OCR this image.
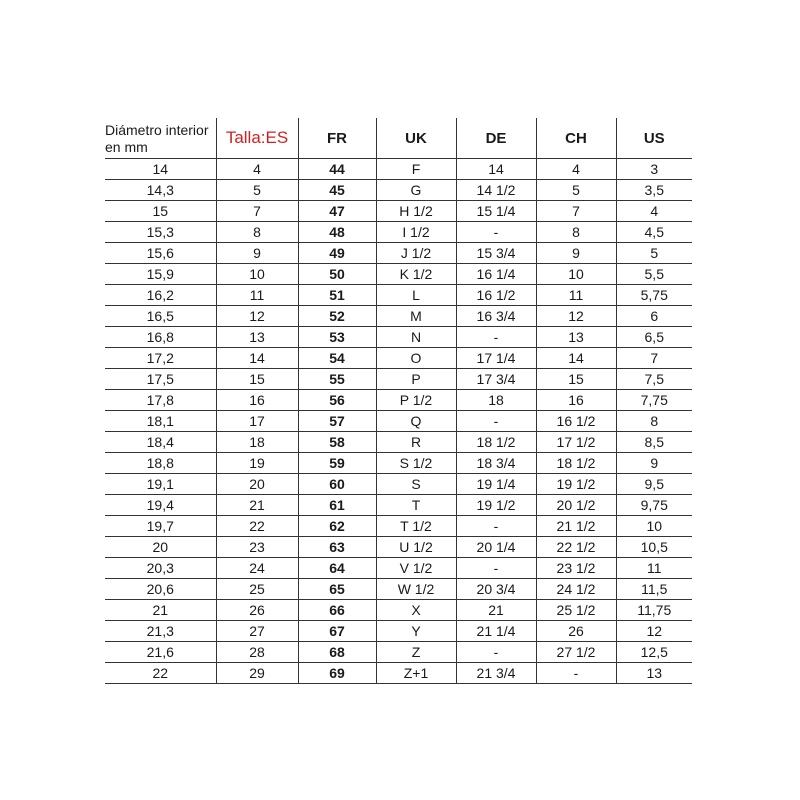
Diámetro interior en mm	Talla:ES	FR	UK	DE	CH	US
14	4	44	F	14	4	3
14,3	5	45	G	14 1/2	5	3,5
15	7	47	H 1/2	15 1/4	7	4
15,3	8	48	I 1/2	-	8	4,5
15,6	9	49	J 1/2	15 3/4	9	5
15,9	10	50	K 1/2	16 1/4	10	5,5
16,2	11	51	L	16 1/2	11	5,75
16,5	12	52	M	16 3/4	12	6
16,8	13	53	N	-	13	6,5
17,2	14	54	O	17 1/4	14	7
17,5	15	55	P	17 3/4	15	7,5
17,8	16	56	P 1/2	18	16	7,75
18,1	17	57	Q	-	16 1/2	8
18,4	18	58	R	18 1/2	17 1/2	8,5
18,8	19	59	S 1/2	18 3/4	18 1/2	9
19,1	20	60	S	19 1/4	19 1/2	9,5
19,4	21	61	T	19 1/2	20 1/2	9,75
19,7	22	62	T 1/2	-	21 1/2	10
20	23	63	U 1/2	20 1/4	22 1/2	10,5
20,3	24	64	V 1/2	-	23 1/2	11
20,6	25	65	W 1/2	20 3/4	24 1/2	11,5
21	26	66	X	21	25 1/2	11,75
21,3	27	67	Y	21 1/4	26	12
21,6	28	68	Z	-	27 1/2	12,5
22	29	69	Z+1	21 3/4	-	13
